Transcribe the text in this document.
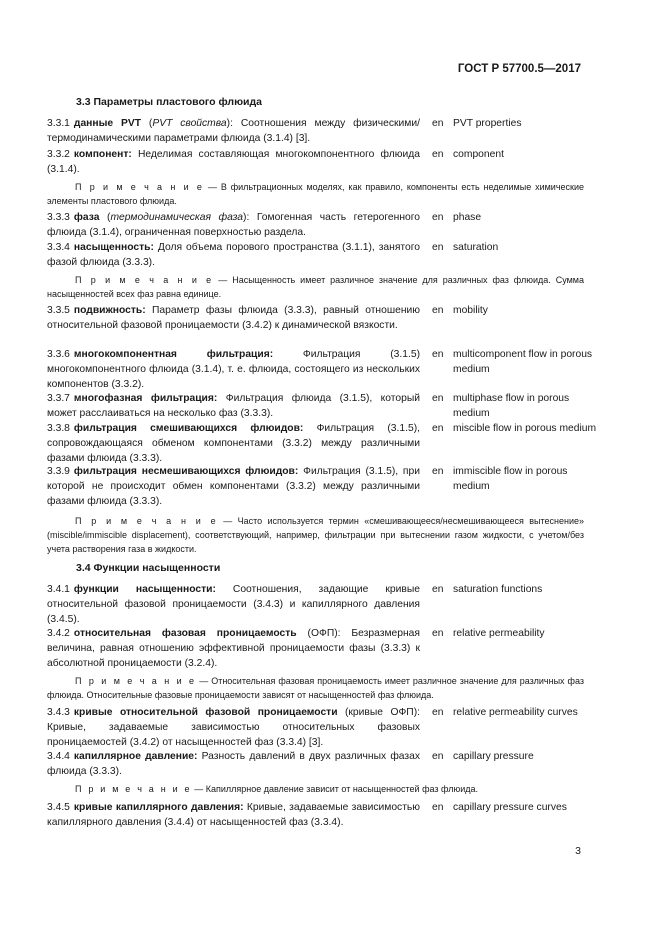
ГОСТ Р 57700.5—2017
3.3 Параметры пластового флюида
3.3.1 данные PVT (PVT свойства): Соотношения между физическими/термодинамическими параметрами флюида (3.1.4) [3].
en PVT properties
3.3.2 компонент: Неделимая составляющая многокомпонентного флюида (3.1.4).
en component
П р и м е ч а н и е — В фильтрационных моделях, как правило, компоненты есть неделимые химические элементы пластового флюида.
3.3.3 фаза (термодинамическая фаза): Гомогенная часть гетерогенного флюида (3.1.4), ограниченная поверхностью раздела.
en phase
3.3.4 насыщенность: Доля объема порового пространства (3.1.1), занятого фазой флюида (3.3.3).
en saturation
П р и м е ч а н и е — Насыщенность имеет различное значение для различных фаз флюида. Сумма насыщенностей всех фаз равна единице.
3.3.5 подвижность: Параметр фазы флюида (3.3.3), равный отношению относительной фазовой проницаемости (3.4.2) к динамической вязкости.
en mobility
3.3.6 многокомпонентная фильтрация: Фильтрация (3.1.5) многокомпонентного флюида (3.1.4), т. е. флюида, состоящего из нескольких компонентов (3.3.2).
en multicomponent flow in porous medium
3.3.7 многофазная фильтрация: Фильтрация флюида (3.1.5), который может расслаиваться на несколько фаз (3.3.3).
en multiphase flow in porous medium
3.3.8 фильтрация смешивающихся флюидов: Фильтрация (3.1.5), сопровождающаяся обменом компонентами (3.3.2) между различными фазами флюида (3.3.3).
en miscible flow in porous medium
3.3.9 фильтрация несмешивающихся флюидов: Фильтрация (3.1.5), при которой не происходит обмен компонентами (3.3.2) между различными фазами флюида (3.3.3).
en immiscible flow in porous medium
П р и м е ч а н и е — Часто используется термин «смешивающееся/несмешивающееся вытеснение» (miscible/immiscible displacement), соответствующий, например, фильтрации при вытеснении газом жидкости, с учетом/без учета растворения газа в жидкости.
3.4 Функции насыщенности
3.4.1 функции насыщенности: Соотношения, задающие кривые относительной фазовой проницаемости (3.4.3) и капиллярного давления (3.4.5).
en saturation functions
3.4.2 относительная фазовая проницаемость (ОФП): Безразмерная величина, равная отношению эффективной проницаемости фазы (3.3.3) к абсолютной проницаемости (3.2.4).
en relative permeability
П р и м е ч а н и е — Относительная фазовая проницаемость имеет различное значение для различных фаз флюида. Относительные фазовые проницаемости зависят от насыщенностей фаз флюида.
3.4.3 кривые относительной фазовой проницаемости (кривые ОФП): Кривые, задаваемые зависимостью относительных фазовых проницаемостей (3.4.2) от насыщенностей фаз (3.3.4) [3].
en relative permeability curves
3.4.4 капиллярное давление: Разность давлений в двух различных фазах флюида (3.3.3).
en capillary pressure
П р и м е ч а н и е — Капиллярное давление зависит от насыщенностей фаз флюида.
3.4.5 кривые капиллярного давления: Кривые, задаваемые зависимостью капиллярного давления (3.4.4) от насыщенностей фаз (3.3.4).
en capillary pressure curves
3
